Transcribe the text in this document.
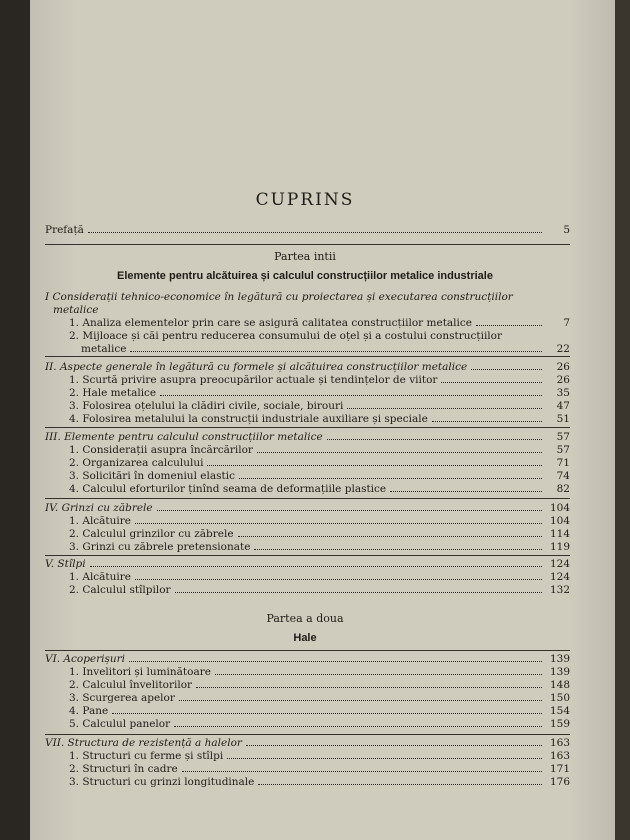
CUPRINS
Prefață	5
Partea intii
Elemente pentru alcătuirea și calculul construcțiilor metalice industriale
I Considerații tehnico-economice în legătură cu proiectarea și executarea construcțiilor
metalice
1. Analiza elementelor prin care se asigură calitatea construcțiilor metalice	7
2. Mijloace și căi pentru reducerea consumului de oțel și a costului construcțiilor
metalice	22
II. Aspecte generale în legătură cu formele și alcătuirea construcțiilor metalice	26
1. Scurtă privire asupra preocupărilor actuale și tendințelor de viitor	26
2. Hale metalice	35
3. Folosirea oțelului la clădiri civile, sociale, birouri	47
4. Folosirea metalului la construcții industriale auxiliare și speciale	51
III. Elemente pentru calculul construcțiilor metalice	57
1. Considerații asupra încărcărilor	57
2. Organizarea calculului	71
3. Solicitări în domeniul elastic	74
4. Calculul eforturilor ținînd seama de deformațiile plastice	82
IV. Grinzi cu zăbrele	104
1. Alcătuire	104
2. Calculul grinzilor cu zăbrele	114
3. Grinzi cu zăbrele pretensionate	119
V. Stîlpi	124
1. Alcătuire	124
2. Calculul stîlpilor	132
Partea a doua
Hale
VI. Acoperișuri	139
1. Invelitori și luminătoare	139
2. Calculul învelitorilor	148
3. Scurgerea apelor	150
4. Pane	154
5. Calculul panelor	159
VII. Structura de rezistență a halelor	163
1. Structuri cu ferme și stîlpi	163
2. Structuri în cadre	171
3. Structuri cu grinzi longitudinale	176
